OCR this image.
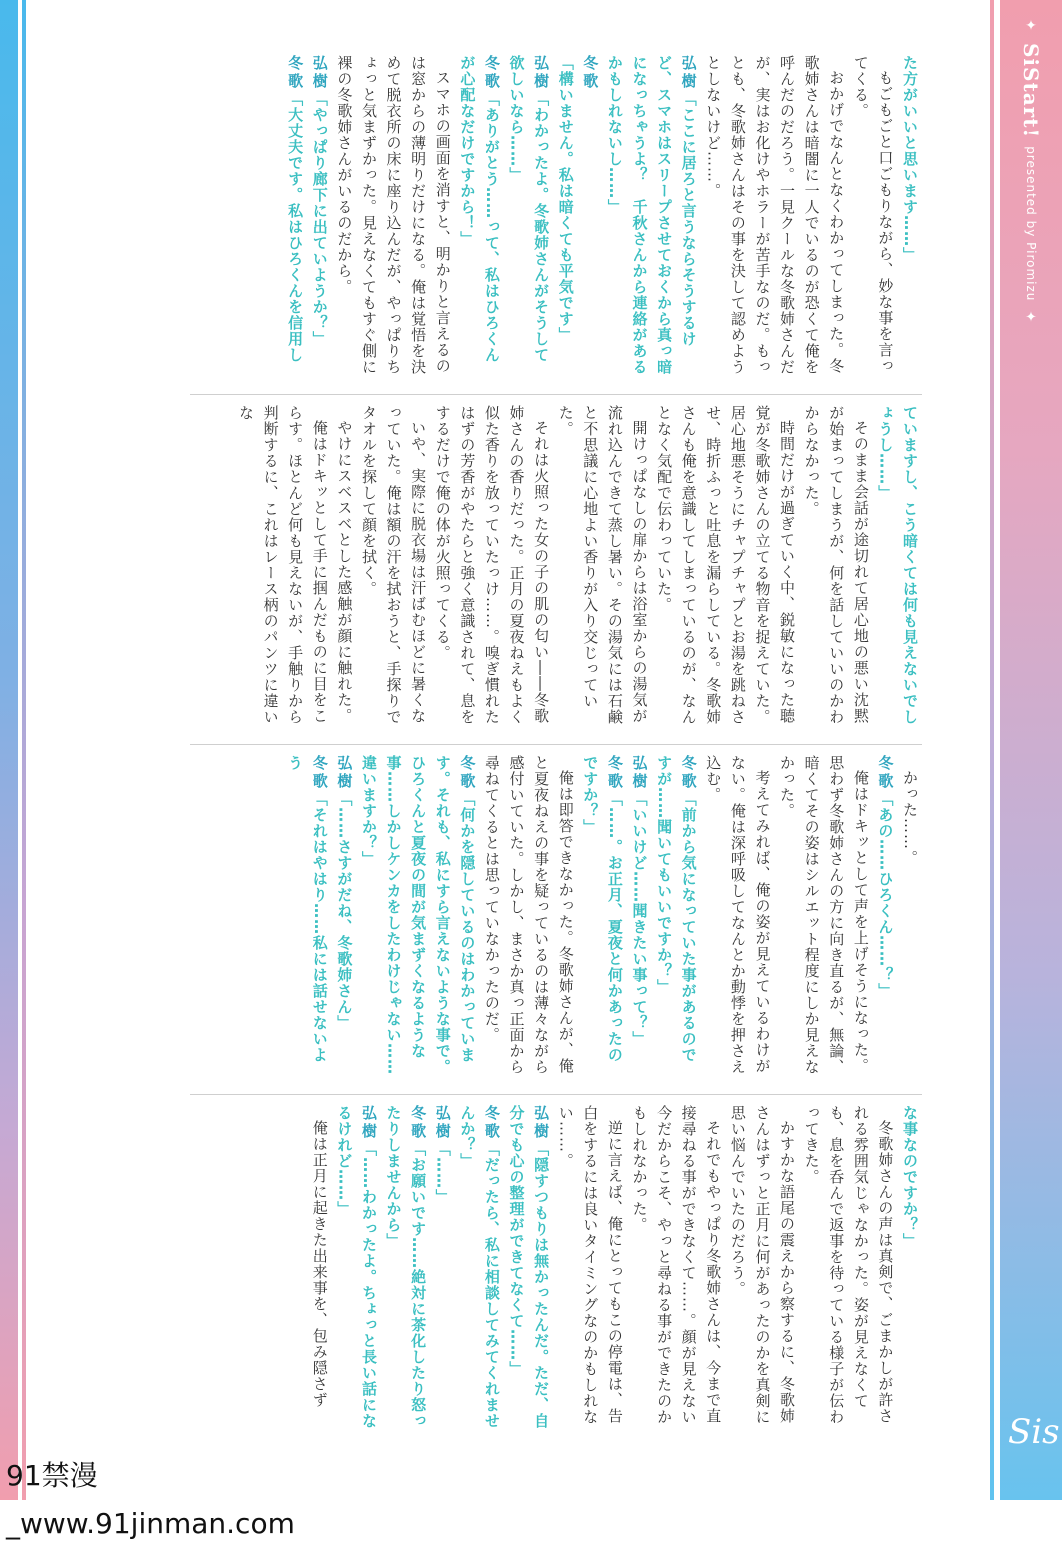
✦ SiStart! presented by Piromizu ✦
Sis

た方がいいと思います……」

もごもごと口ごもりながら、妙な事を言ってくる。

おかげでなんとなくわかってしまった。冬歌姉さんは暗闇に一人でいるのが恐くて俺を呼んだのだろう。一見クールな冬歌姉さんだが、実はお化けやホラーが苦手なのだ。もっとも、冬歌姉さんはその事を決して認めようとしないけど……。

弘樹「ここに居ろと言うならそうするけど、スマホはスリープさせておくから真っ暗になっちゃうよ？　千秋さんから連絡があるかもしれないし……」

冬歌「構いません。私は暗くても平気です」

弘樹「わかったよ。冬歌姉さんがそうして欲しいなら……」

冬歌「ありがとう……って、私はひろくんが心配なだけですから！」

スマホの画面を消すと、明かりと言えるのは窓からの薄明りだけになる。俺は覚悟を決めて脱衣所の床に座り込んだが、やっぱりちょっと気まずかった。見えなくてもすぐ側に裸の冬歌姉さんがいるのだから。

弘樹「やっぱり廊下に出ていようか？」

冬歌「大丈夫です。私はひろくんを信用し

ていますし、こう暗くては何も見えないでしょうし……」

そのまま会話が途切れて居心地の悪い沈黙が始まってしまうが、何を話していいのかわからなかった。

時間だけが過ぎていく中、鋭敏になった聴覚が冬歌姉さんの立てる物音を捉えていた。居心地悪そうにチャプチャプとお湯を跳ねさせ、時折ふっと吐息を漏らしている。冬歌姉さんも俺を意識してしまっているのが、なんとなく気配で伝わっていた。

開けっぱなしの扉からは浴室からの湯気が流れ込んできて蒸し暑い。その湯気には石鹸と不思議に心地よい香りが入り交じっていた。

それは火照った女の子の肌の匂い――冬歌姉さんの香りだった。正月の夏夜ねえもよく似た香りを放っていたっけ……。嗅ぎ慣れたはずの芳香がやたらと強く意識されて、息をするだけで俺の体が火照ってくる。

いや、実際に脱衣場は汗ばむほどに暑くなっていた。俺は額の汗を拭おうと、手探りでタオルを探して顔を拭く。

やけにスベスベとした感触が顔に触れた。

俺はドキッとして手に掴んだものに目をこらす。ほとんど何も見えないが、手触りから判断するに、これはレース柄のパンツに違いな

かった……。

冬歌「あの……ひろくん……？」

俺はドキッとして声を上げそうになった。思わず冬歌姉さんの方に向き直るが、無論、暗くてその姿はシルエット程度にしか見えなかった。

考えてみれば、俺の姿が見えているわけがない。俺は深呼吸してなんとか動悸を押さえ込む。

冬歌「前から気になっていた事があるのですが……聞いてもいいですか？」

弘樹「いいけど……聞きたい事って？」

冬歌「……。お正月、夏夜と何かあったのですか？」

俺は即答できなかった。冬歌姉さんが、俺と夏夜ねえの事を疑っているのは薄々ながら感付いていた。しかし、まさか真っ正面から尋ねてくるとは思っていなかったのだ。

冬歌「何かを隠しているのはわかっています。それも、私にすら言えないような事で。ひろくんと夏夜の間が気まずくなるような事……しかしケンカをしたわけじゃない……違いますか？」

弘樹「……さすがだね、冬歌姉さん」

冬歌「それはやはり……私には話せないよう

な事なのですか？」

冬歌姉さんの声は真剣で、ごまかしが許される雰囲気じゃなかった。姿が見えなくても、息を呑んで返事を待っている様子が伝わってきた。

かすかな語尾の震えから察するに、冬歌姉さんはずっと正月に何があったのかを真剣に思い悩んでいたのだろう。

それでもやっぱり冬歌姉さんは、今まで直接尋ねる事ができなくて……。顔が見えない今だからこそ、やっと尋ねる事ができたのかもしれなかった。

逆に言えば、俺にとってもこの停電は、告白をするには良いタイミングなのかもしれない……。

弘樹「隠すつもりは無かったんだ。ただ、自分でも心の整理ができてなくて……」

冬歌「だったら、私に相談してみてくれませんか？」

弘樹「……」

冬歌「お願いです……絶対に茶化したり怒ったりしませんから」

弘樹「……わかったよ。ちょっと長い話になるけれど……」

俺は正月に起きた出来事を、包み隠さず

91禁漫_www.91jinman.com
